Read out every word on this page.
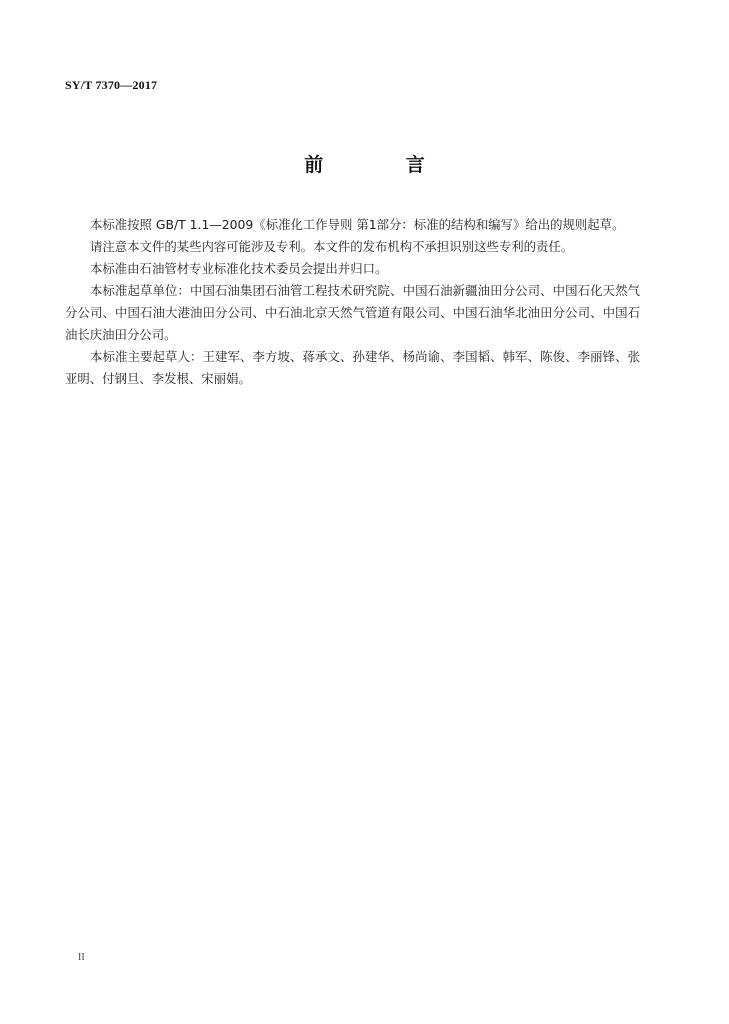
SY/T 7370—2017
前 言

本标准按照 GB/T 1.1—2009《标准化工作导则 第1部分：标准的结构和编写》给出的规则起草。

请注意本文件的某些内容可能涉及专利。本文件的发布机构不承担识别这些专利的责任。

本标准由石油管材专业标准化技术委员会提出并归口。

本标准起草单位：中国石油集团石油管工程技术研究院、中国石油新疆油田分公司、中国石化天然气分公司、中国石油大港油田分公司、中石油北京天然气管道有限公司、中国石油华北油田分公司、中国石油长庆油田分公司。

本标准主要起草人：王建军、李方坡、蒋承文、孙建华、杨尚谕、李国韬、韩军、陈俊、李丽锋、张亚明、付钢旦、李发根、宋丽娟。

II
